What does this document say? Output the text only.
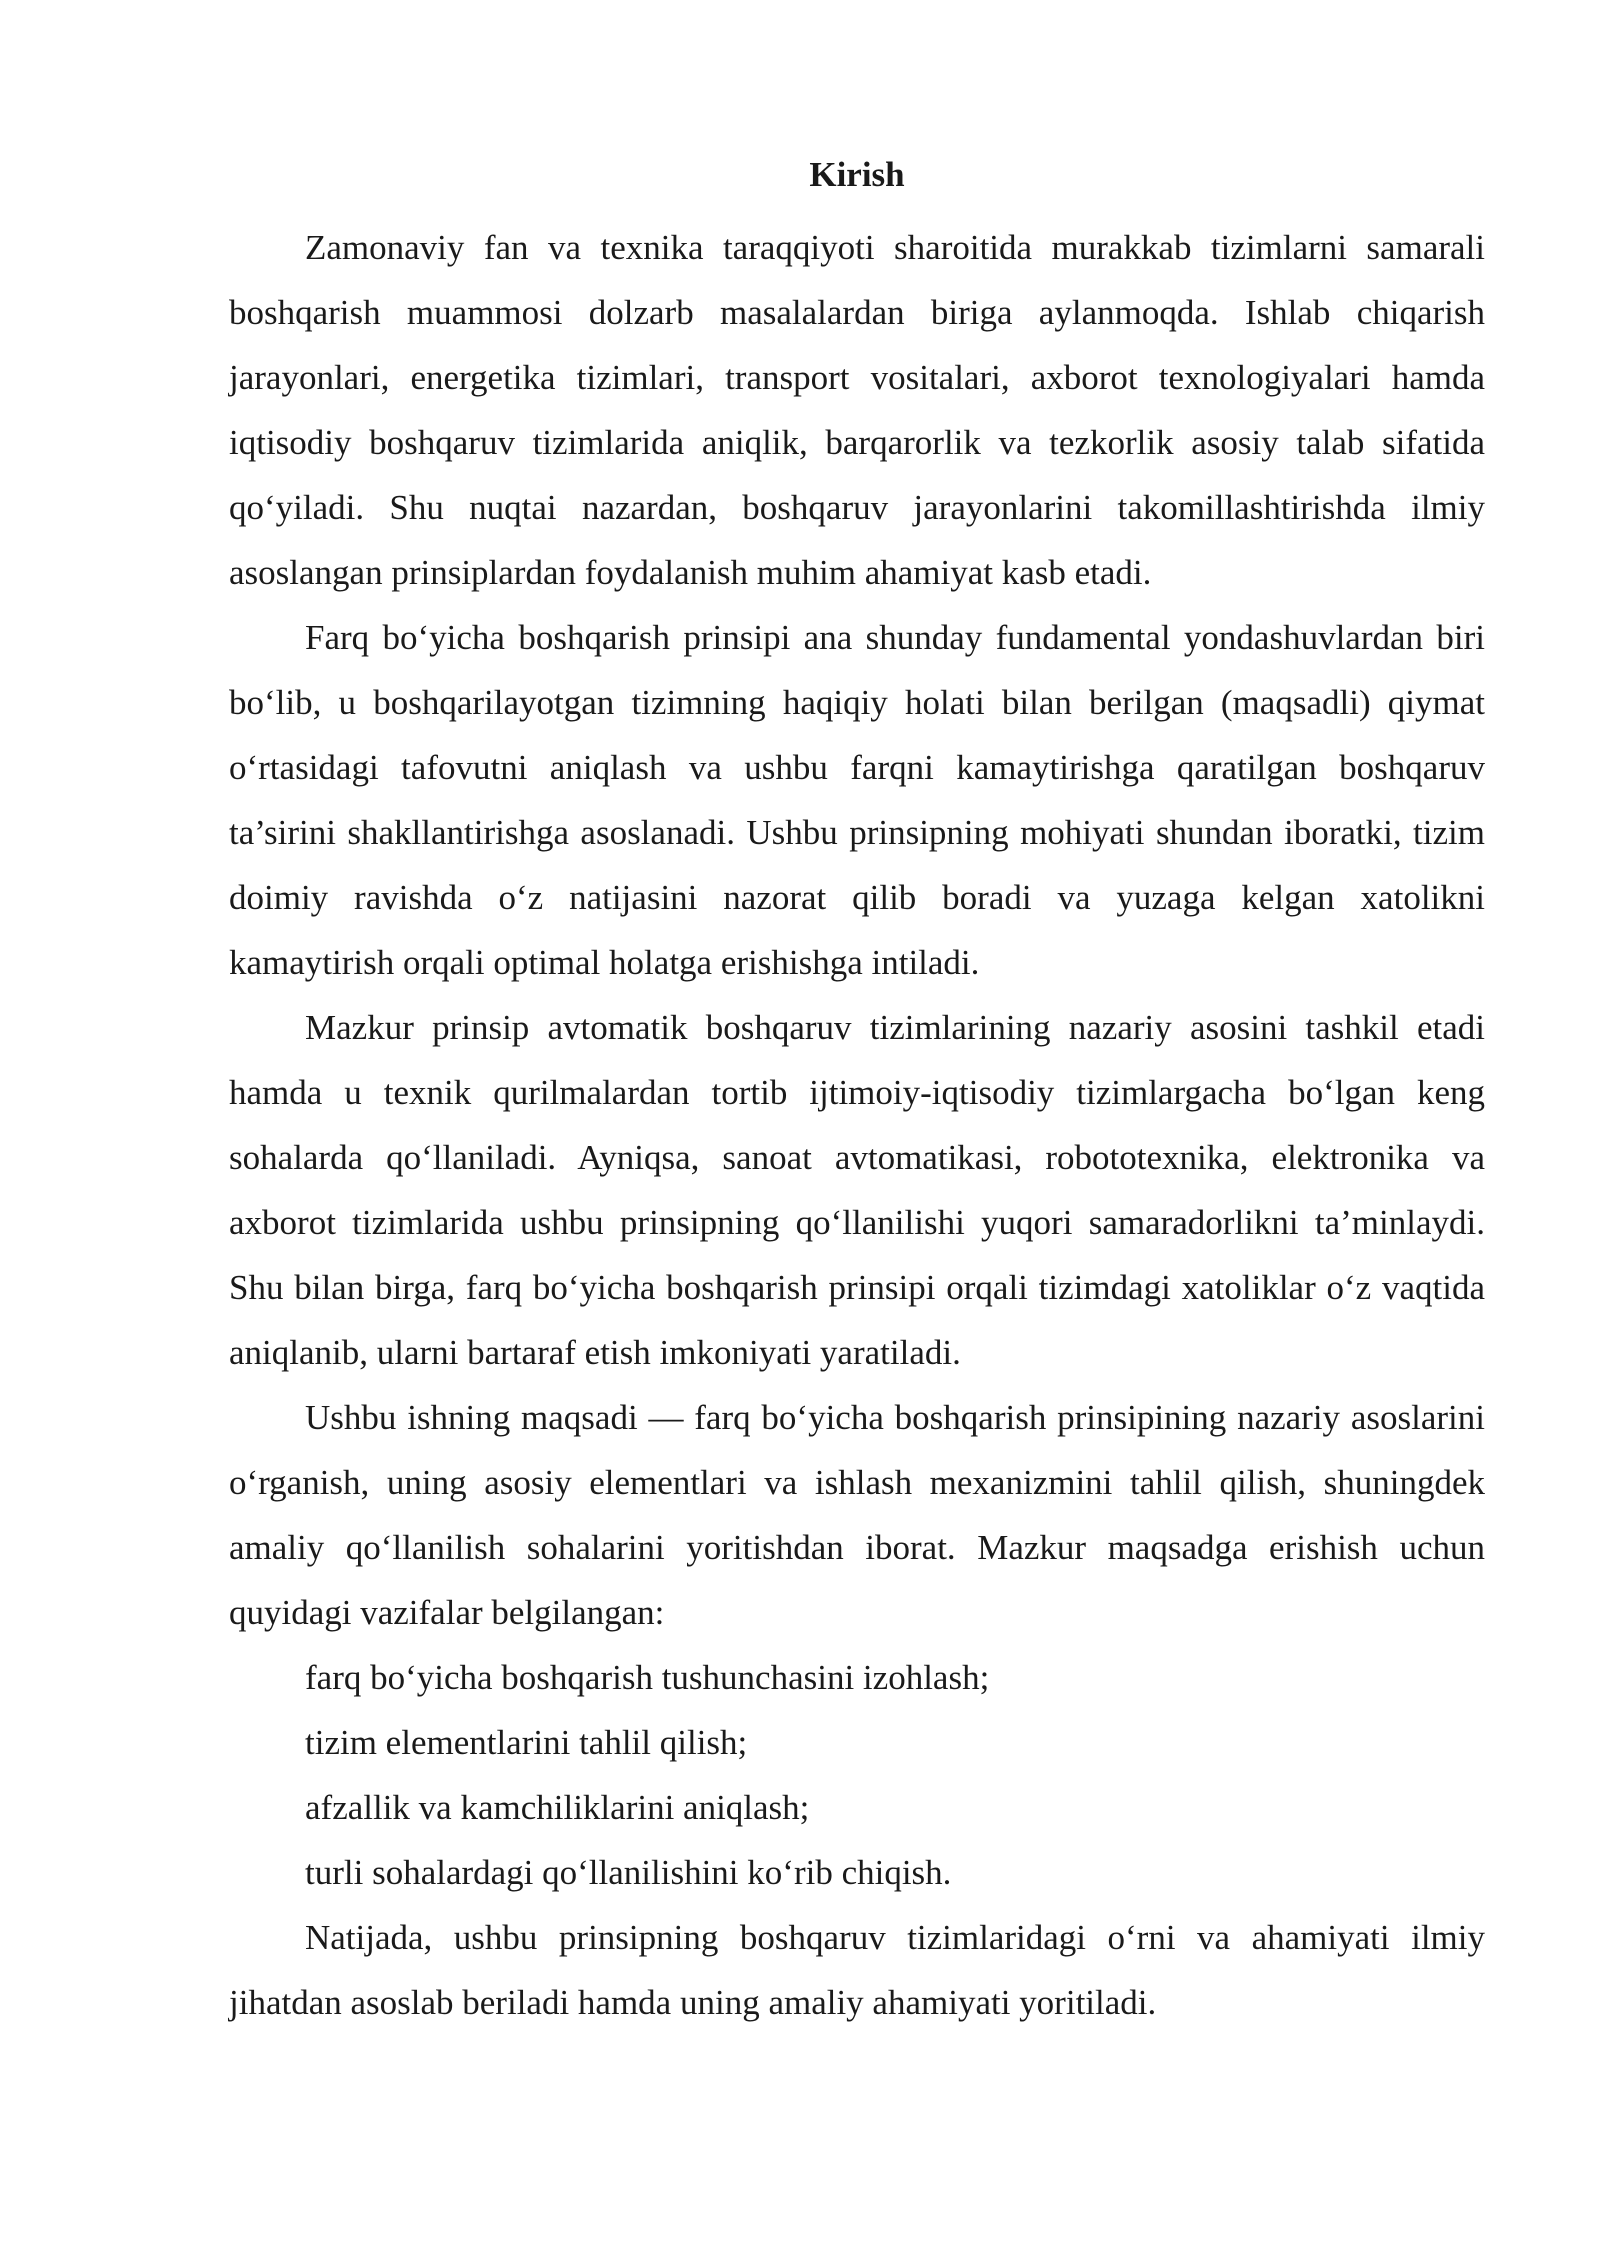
Kirish

Zamonaviy fan va texnika taraqqiyoti sharoitida murakkab tizimlarni samarali boshqarish muammosi dolzarb masalalardan biriga aylanmoqda. Ishlab chiqarish jarayonlari, energetika tizimlari, transport vositalari, axborot texnologiyalari hamda iqtisodiy boshqaruv tizimlarida aniqlik, barqarorlik va tezkorlik asosiy talab sifatida qoʻyiladi. Shu nuqtai nazardan, boshqaruv jarayonlarini takomillashtirishda ilmiy asoslangan prinsiplardan foydalanish muhim ahamiyat kasb etadi.

Farq boʻyicha boshqarish prinsipi ana shunday fundamental yondashuvlardan biri boʻlib, u boshqarilayotgan tizimning haqiqiy holati bilan berilgan (maqsadli) qiymat oʻrtasidagi tafovutni aniqlash va ushbu farqni kamaytirishga qaratilgan boshqaruv ta’sirini shakllantirishga asoslanadi. Ushbu prinsipning mohiyati shundan iboratki, tizim doimiy ravishda oʻz natijasini nazorat qilib boradi va yuzaga kelgan xatolikni kamaytirish orqali optimal holatga erishishga intiladi.

Mazkur prinsip avtomatik boshqaruv tizimlarining nazariy asosini tashkil etadi hamda u texnik qurilmalardan tortib ijtimoiy-iqtisodiy tizimlargacha boʻlgan keng sohalarda qoʻllaniladi. Ayniqsa, sanoat avtomatikasi, robototexnika, elektronika va axborot tizimlarida ushbu prinsipning qoʻllanilishi yuqori samaradorlikni ta’minlaydi. Shu bilan birga, farq boʻyicha boshqarish prinsipi orqali tizimdagi xatoliklar oʻz vaqtida aniqlanib, ularni bartaraf etish imkoniyati yaratiladi.

Ushbu ishning maqsadi — farq boʻyicha boshqarish prinsipining nazariy asoslarini oʻrganish, uning asosiy elementlari va ishlash mexanizmini tahlil qilish, shuningdek amaliy qoʻllanilish sohalarini yoritishdan iborat. Mazkur maqsadga erishish uchun quyidagi vazifalar belgilangan:

farq boʻyicha boshqarish tushunchasini izohlash;
tizim elementlarini tahlil qilish;
afzallik va kamchiliklarini aniqlash;
turli sohalardagi qoʻllanilishini koʻrib chiqish.

Natijada, ushbu prinsipning boshqaruv tizimlaridagi oʻrni va ahamiyati ilmiy jihatdan asoslab beriladi hamda uning amaliy ahamiyati yoritiladi.
